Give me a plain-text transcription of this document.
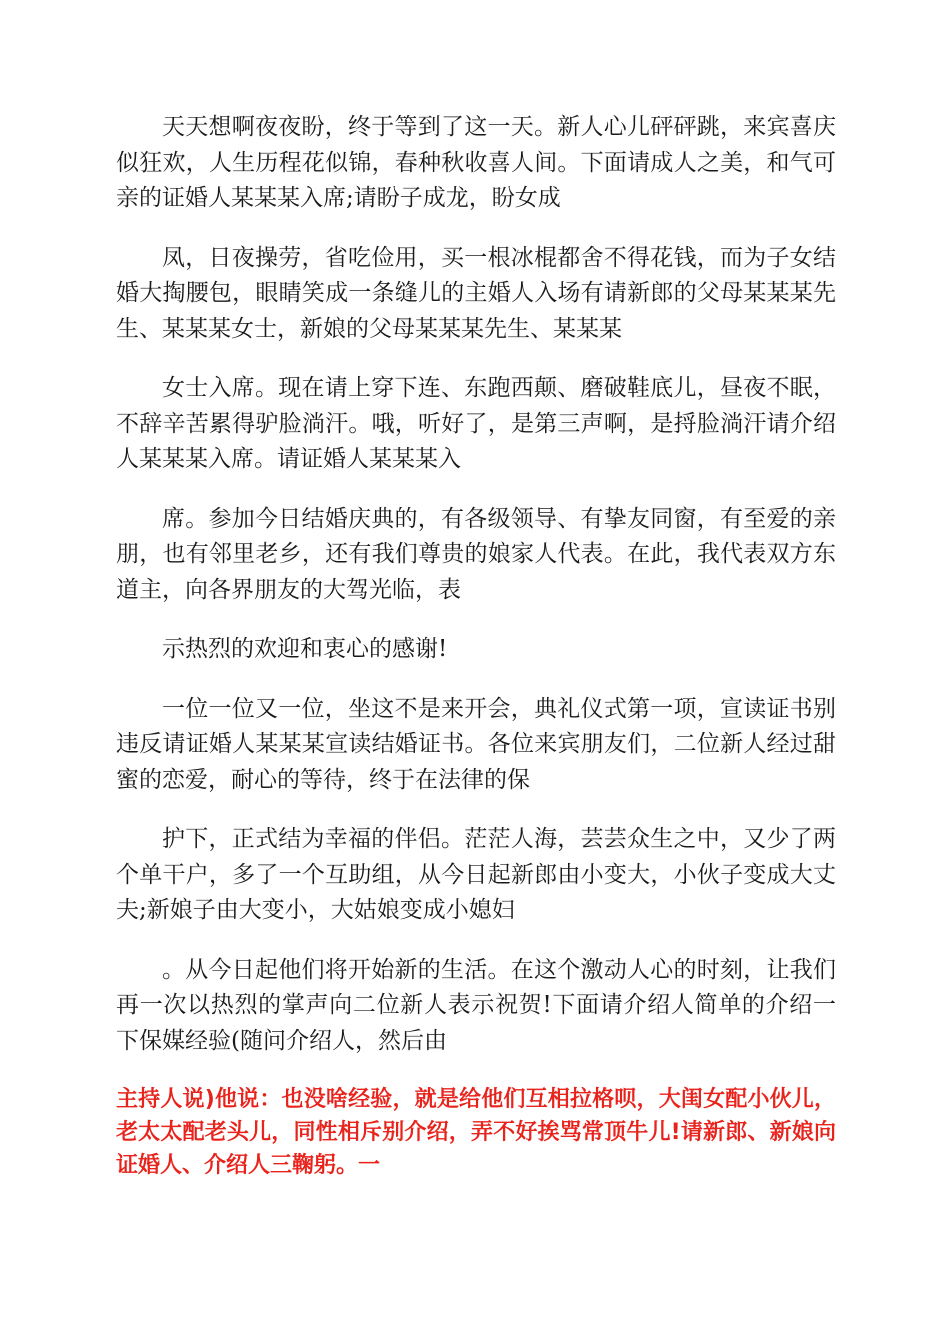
天天想啊夜夜盼，终于等到了这一天。新人心儿砰砰跳，来宾喜庆似狂欢，人生历程花似锦，春种秋收喜人间。下面请成人之美，和气可亲的证婚人某某某入席;请盼子成龙，盼女成

凤，日夜操劳，省吃俭用，买一根冰棍都舍不得花钱，而为子女结婚大掏腰包，眼睛笑成一条缝儿的主婚人入场有请新郎的父母某某某先生、某某某女士，新娘的父母某某某先生、某某某

女士入席。现在请上穿下连、东跑西颠、磨破鞋底儿，昼夜不眠，不辞辛苦累得驴脸淌汗。哦，听好了，是第三声啊，是捋脸淌汗请介绍人某某某入席。请证婚人某某某入

席。参加今日结婚庆典的，有各级领导、有挚友同窗，有至爱的亲朋，也有邻里老乡，还有我们尊贵的娘家人代表。在此，我代表双方东道主，向各界朋友的大驾光临，表

示热烈的欢迎和衷心的感谢!

一位一位又一位，坐这不是来开会，典礼仪式第一项，宣读证书别违反请证婚人某某某宣读结婚证书。各位来宾朋友们，二位新人经过甜蜜的恋爱，耐心的等待，终于在法律的保

护下，正式结为幸福的伴侣。茫茫人海，芸芸众生之中，又少了两个单干户，多了一个互助组，从今日起新郎由小变大，小伙子变成大丈夫;新娘子由大变小，大姑娘变成小媳妇

。从今日起他们将开始新的生活。在这个激动人心的时刻，让我们再一次以热烈的掌声向二位新人表示祝贺!下面请介绍人简单的介绍一下保媒经验(随问介绍人，然后由

主持人说)他说：也没啥经验，就是给他们互相拉格呗，大闺女配小伙儿，老太太配老头儿，同性相斥别介绍，弄不好挨骂常顶牛儿!请新郎、新娘向证婚人、介绍人三鞠躬。一
